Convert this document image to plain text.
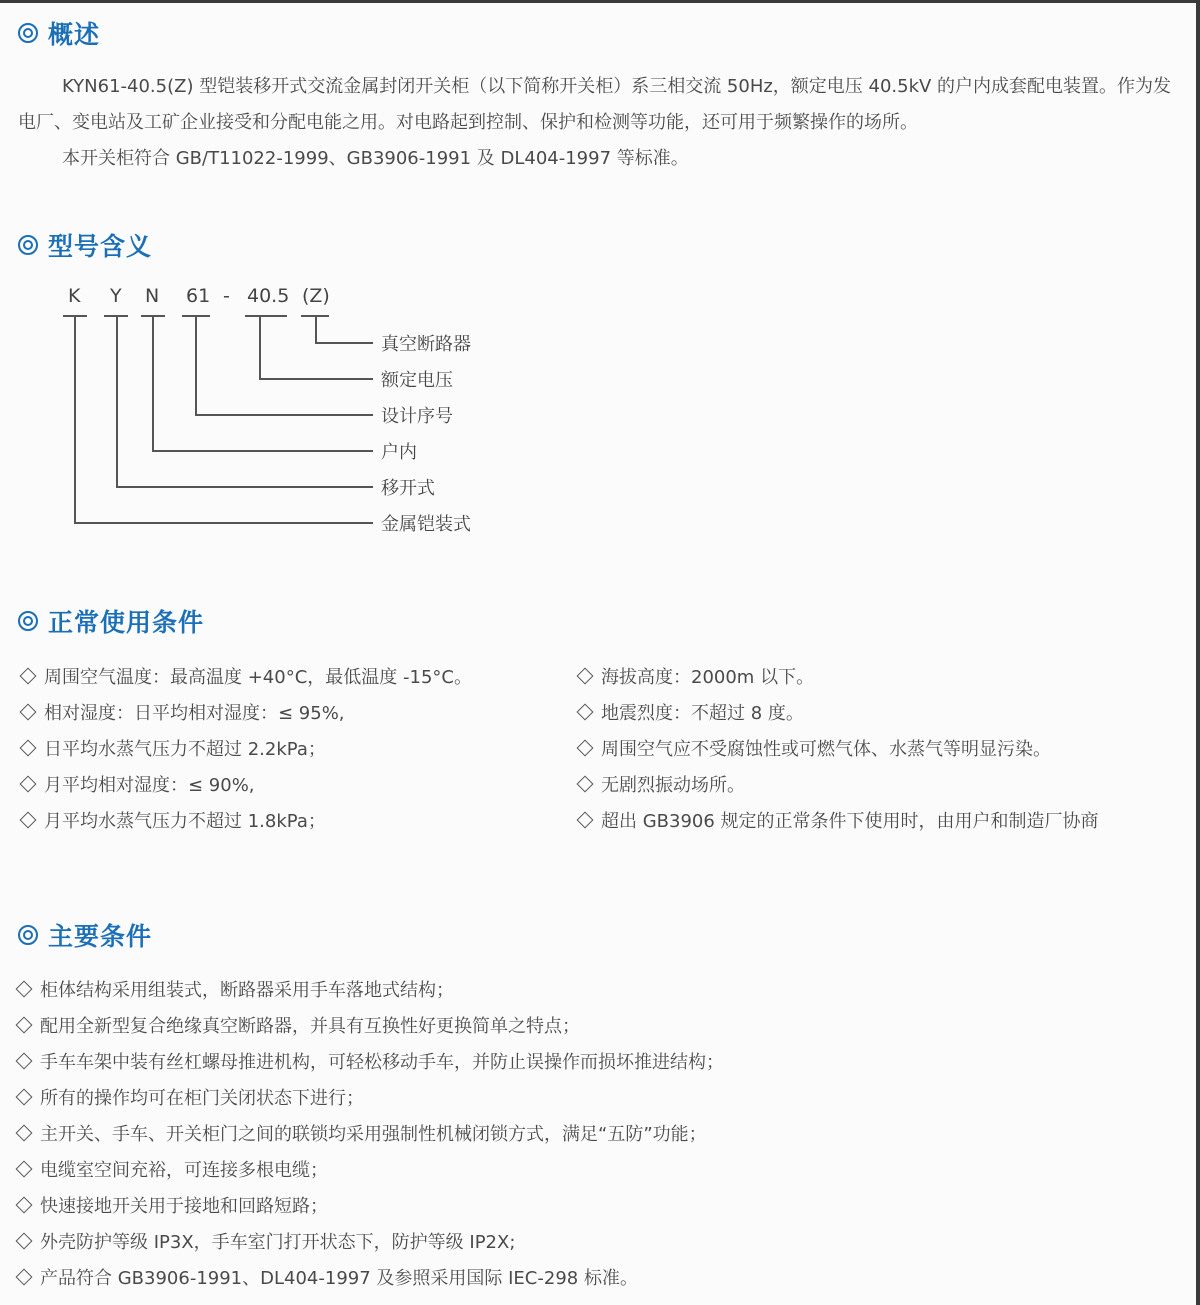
概述
KYN61-40.5(Z) 型铠装移开式交流金属封闭开关柜（以下简称开关柜）系三相交流 50Hz，额定电压 40.5kV 的户内成套配电装置。作为发电厂、变电站及工矿企业接受和分配电能之用。对电路起到控制、保护和检测等功能，还可用于频繁操作的场所。
本开关柜符合 GB/T11022-1999、GB3906-1991 及 DL404-1997 等标准。
型号含义
K Y N 61 - 40.5 (Z)
真空断路器
额定电压
设计序号
户内
移开式
金属铠装式
正常使用条件
周围空气温度：最高温度 +40°C，最低温度 -15°C。
相对湿度：日平均相对湿度：≤ 95%,
日平均水蒸气压力不超过 2.2kPa；
月平均相对湿度：≤ 90%,
月平均水蒸气压力不超过 1.8kPa；
海拔高度：2000m 以下。
地震烈度：不超过 8 度。
周围空气应不受腐蚀性或可燃气体、水蒸气等明显污染。
无剧烈振动场所。
超出 GB3906 规定的正常条件下使用时，由用户和制造厂协商
主要条件
柜体结构采用组装式，断路器采用手车落地式结构；
配用全新型复合绝缘真空断路器，并具有互换性好更换简单之特点；
手车车架中装有丝杠螺母推进机构，可轻松移动手车，并防止误操作而损坏推进结构；
所有的操作均可在柜门关闭状态下进行；
主开关、手车、开关柜门之间的联锁均采用强制性机械闭锁方式，满足“五防”功能；
电缆室空间充裕，可连接多根电缆；
快速接地开关用于接地和回路短路；
外壳防护等级 IP3X，手车室门打开状态下，防护等级 IP2X;
产品符合 GB3906-1991、DL404-1997 及参照采用国际 IEC-298 标准。
